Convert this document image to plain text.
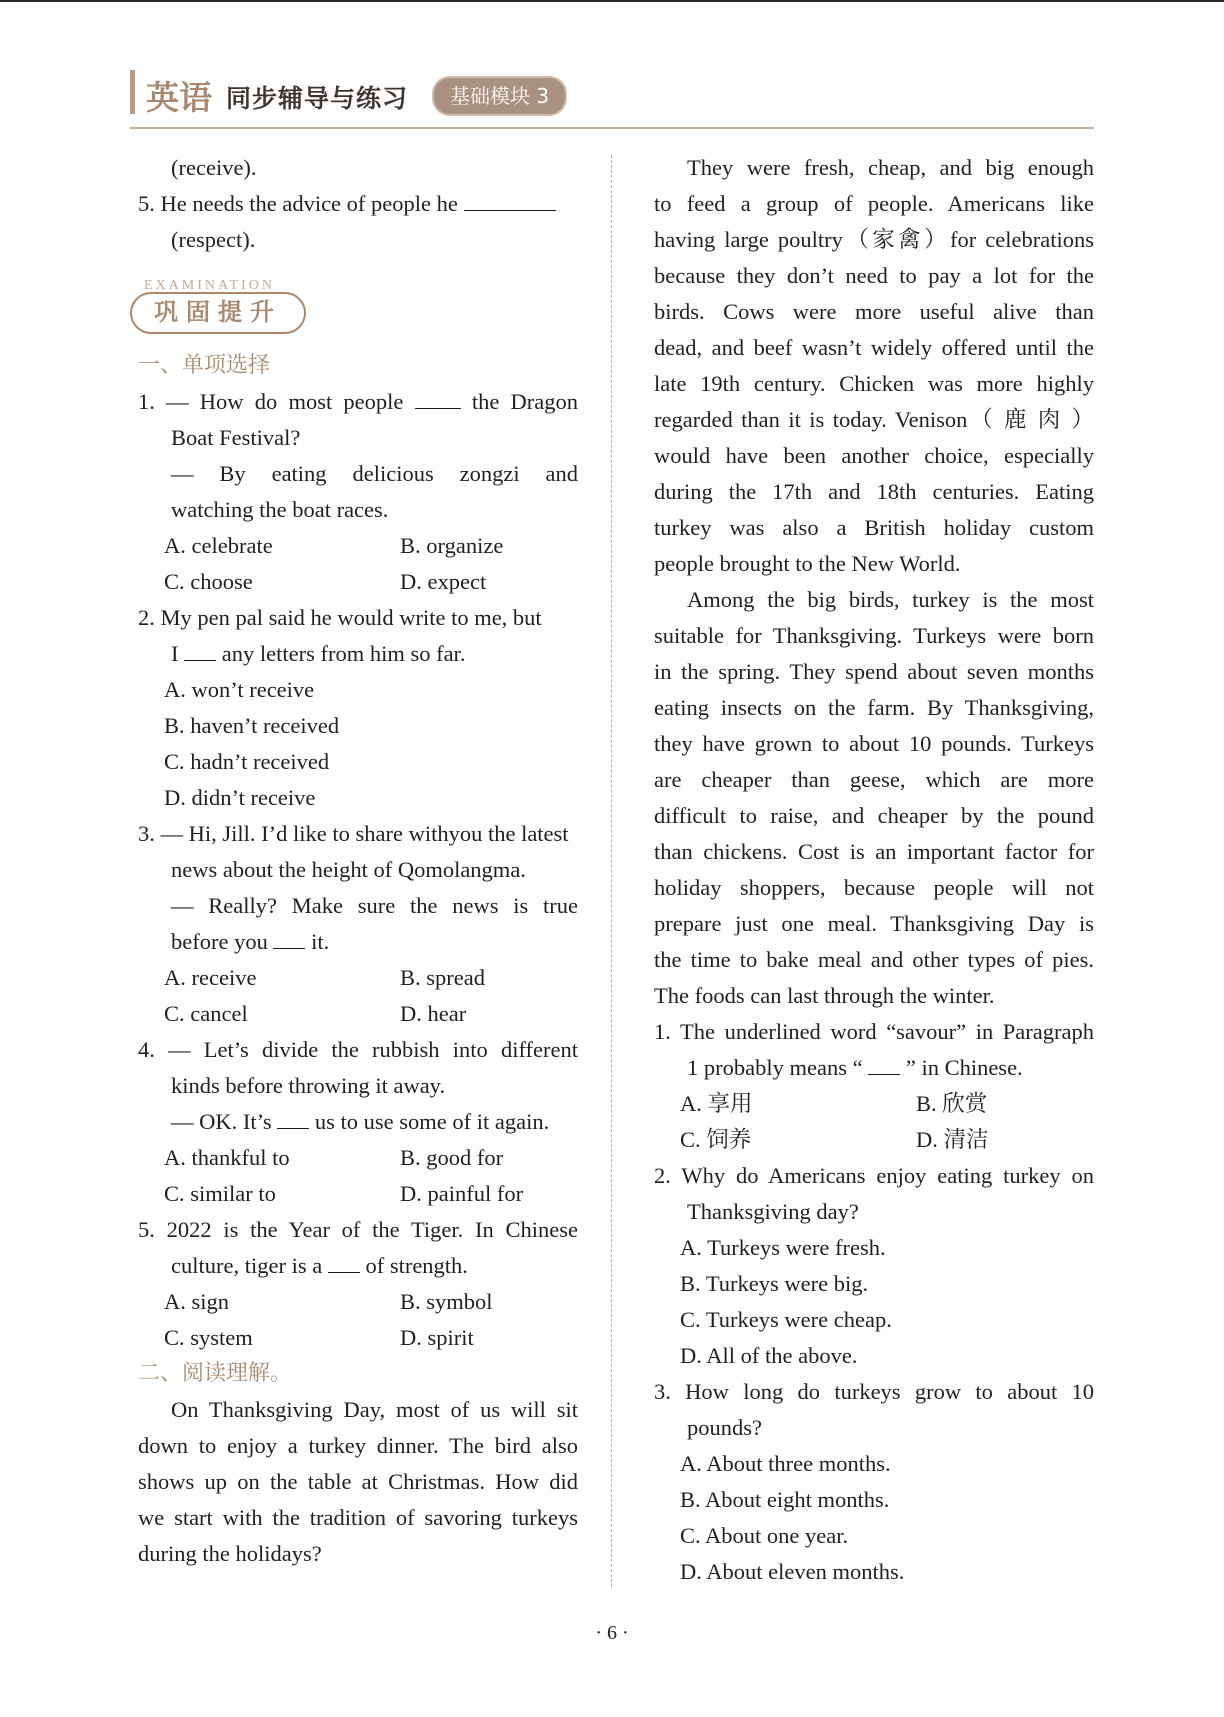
英语 同步辅导与练习	基础模块 3

(receive).

5. He needs the advice of people he

(respect).

EXAMINATION
巩固提升

一、单项选择

1. — How do most people	the Dragon

Boat Festival?

— By eating delicious zongzi and

watching the boat races.

A. celebrate	B. organize
C. choose	D. expect

2. My pen pal said he would write to me, but

I any letters from him so far.

A. won’t receive

B. haven’t received

C. hadn’t received

D. didn’t receive

3. — Hi, Jill. I’d like to share withyou the latest

news about the height of Qomolangma.

— Really? Make sure the news is true

before you it.

A. receive	B. spread
C. cancel	D. hear

4. — Let’s divide the rubbish into different

kinds before throwing it away.

— OK. It’s us to use some of it again.

A. thankful to	B. good for
C. similar to	D. painful for

5. 2022 is the Year of the Tiger. In Chinese

culture, tiger is a of strength.

A. sign	B. symbol
C. system	D. spirit

二、阅读理解。

On Thanksgiving Day, most of us will sit

down to enjoy a turkey dinner. The bird also

shows up on the table at Christmas. How did

we start with the tradition of savoring turkeys

during the holidays?

They were fresh, cheap, and big enough

to feed a group of people. Americans like

having large poultry（家禽）for celebrations

because they don’t need to pay a lot for the

birds. Cows were more useful alive than

dead, and beef wasn’t widely offered until the

late 19th century. Chicken was more highly

regarded than it is today. Venison（ 鹿 肉 ）

would have been another choice, especially

during the 17th and 18th centuries. Eating

turkey was also a British holiday custom

people brought to the New World.

Among the big birds, turkey is the most

suitable for Thanksgiving. Turkeys were born

in the spring. They spend about seven months

eating insects on the farm. By Thanksgiving,

they have grown to about 10 pounds. Turkeys

are cheaper than geese, which are more

difficult to raise, and cheaper by the pound

than chickens. Cost is an important factor for

holiday shoppers, because people will not

prepare just one meal. Thanksgiving Day is

the time to bake meal and other types of pies.

The foods can last through the winter.

1. The underlined word “savour” in Paragraph

1 probably means “ ” in Chinese.

A. 享用	B. 欣赏
C. 饲养	D. 清洁

2. Why do Americans enjoy eating turkey on

Thanksgiving day?

A. Turkeys were fresh.

B. Turkeys were big.

C. Turkeys were cheap.

D. All of the above.

3. How long do turkeys grow to about 10

pounds?

A. About three months.

B. About eight months.

C. About one year.

D. About eleven months.

· 6 ·
